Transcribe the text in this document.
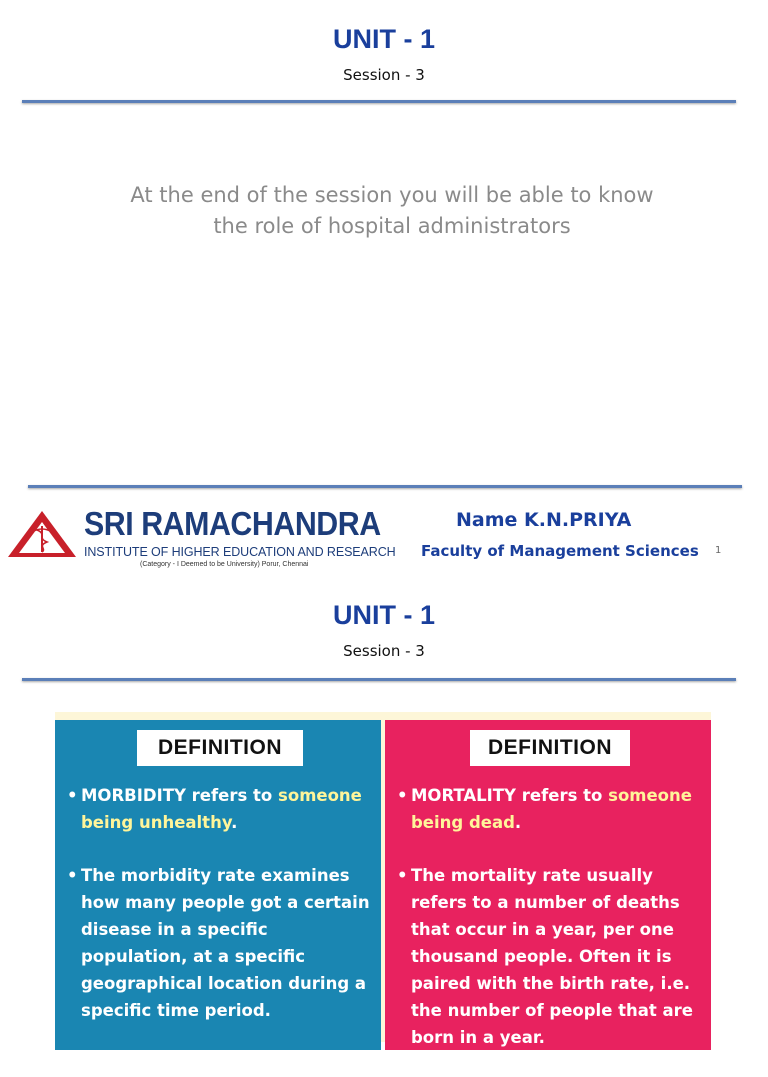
UNIT - 1
Session - 3
At the end of the session you will be able to know
the role of hospital administrators
SRI RAMACHANDRA
INSTITUTE OF HIGHER EDUCATION AND RESEARCH
(Category - I Deemed to be University) Porur, Chennai
Name K.N.PRIYA
Faculty of Management Sciences 1
UNIT - 1
Session - 3
DEFINITION
• MORBIDITY refers to someone being unhealthy.
• The morbidity rate examines how many people got a certain disease in a specific population, at a specific geographical location during a specific time period.
DEFINITION
• MORTALITY refers to someone being dead.
• The mortality rate usually refers to a number of deaths that occur in a year, per one thousand people. Often it is paired with the birth rate, i.e. the number of people that are born in a year.
